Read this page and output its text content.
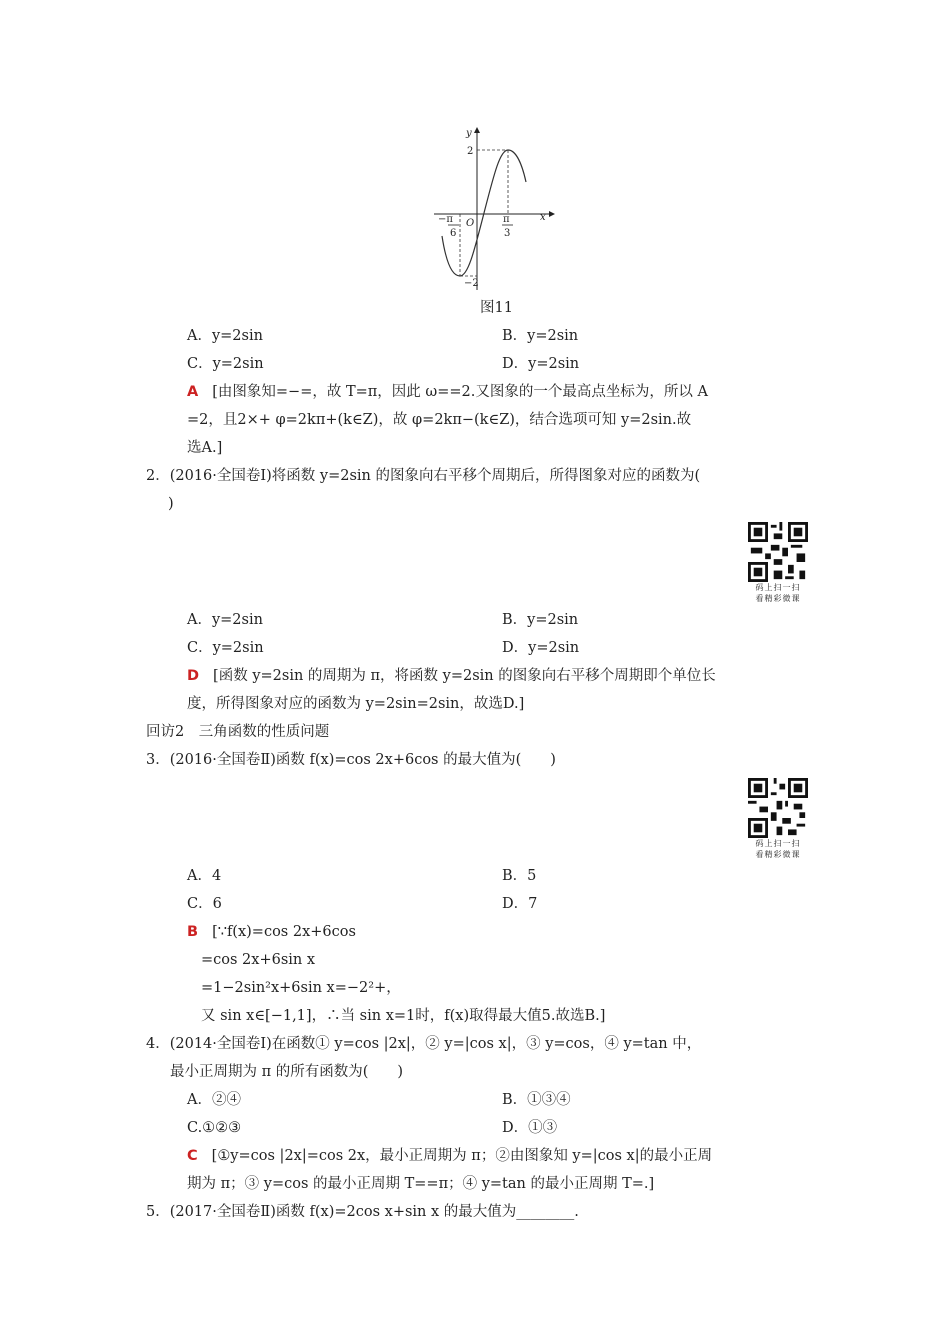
y
x
O
2
−2
−π
6
π
3
图11
A．y=2sin	B．y=2sin
C．y=2sin	D．y=2sin
A [由图象知=−=，故 T=π，因此 ω==2.又图象的一个最高点坐标为，所以 A
=2，且2×+ φ=2kπ+(k∈Z)，故 φ=2kπ−(k∈Z)，结合选项可知 y=2sin.故
选A.]
2．(2016·全国卷Ⅰ)将函数 y=2sin 的图象向右平移个周期后，所得图象对应的函数为(
)
码上扫一扫
看精彩微课
A．y=2sin	B．y=2sin
C．y=2sin	D．y=2sin
D [函数 y=2sin 的周期为 π，将函数 y=2sin 的图象向右平移个周期即个单位长
度，所得图象对应的函数为 y=2sin=2sin，故选D.]
回访2　三角函数的性质问题
3．(2016·全国卷Ⅱ)函数 f(x)=cos 2x+6cos 的最大值为(　　)
码上扫一扫
看精彩微课
A．4	B．5
C．6	D．7
B [∵f(x)=cos 2x+6cos
=cos 2x+6sin x
=1−2sin²x+6sin x=−2²+，
又 sin x∈[−1,1]，∴当 sin x=1时，f(x)取得最大值5.故选B.]
4．(2014·全国卷Ⅰ)在函数① y=cos |2x|，② y=|cos x|，③ y=cos，④ y=tan 中，
最小正周期为 π 的所有函数为(　　)
A．②④	B．①③④
C.①②③	D．①③
C [①y=cos |2x|=cos 2x，最小正周期为 π；②由图象知 y=|cos x|的最小正周
期为 π；③ y=cos 的最小正周期 T==π；④ y=tan 的最小正周期 T=.]
5．(2017·全国卷Ⅱ)函数 f(x)=2cos x+sin x 的最大值为________.
